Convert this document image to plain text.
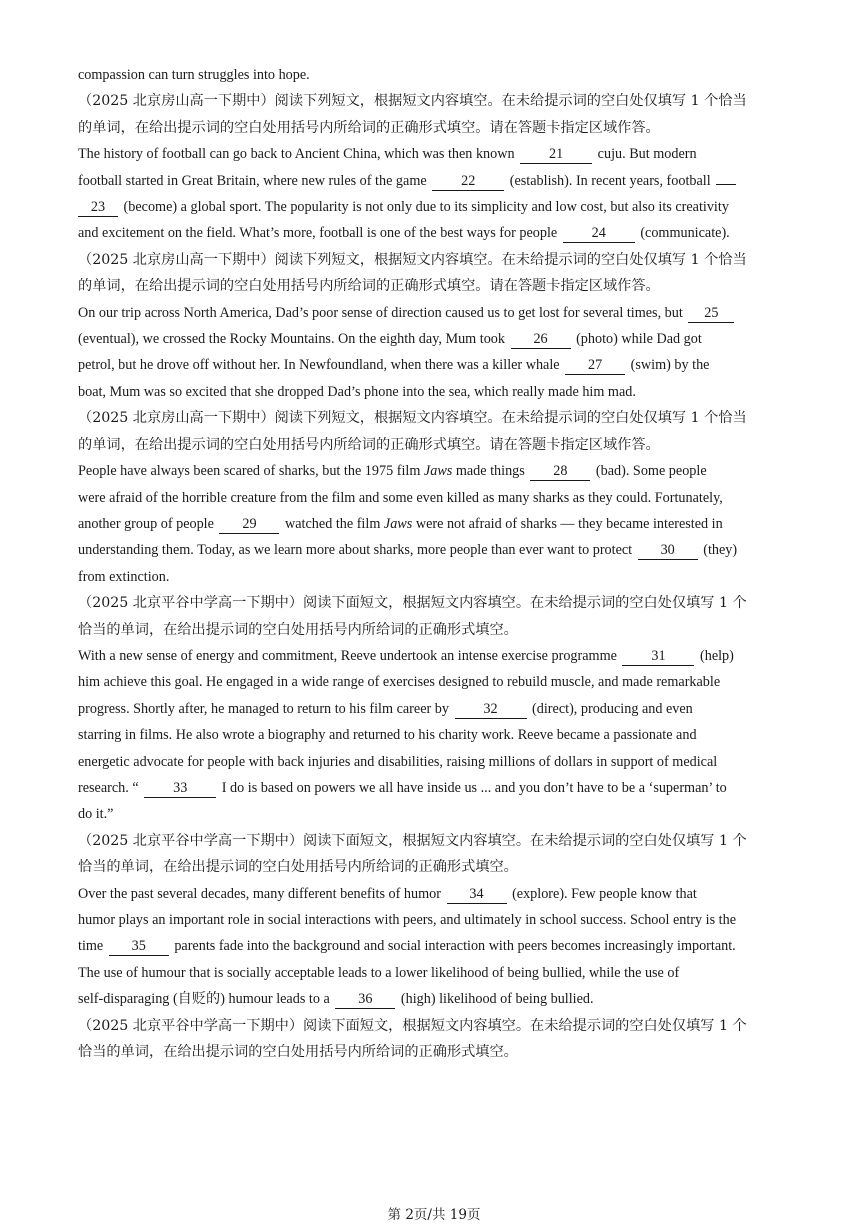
compassion can turn struggles into hope.
（2025 北京房山高一下期中）阅读下列短文，根据短文内容填空。在未给提示词的空白处仅填写 1 个恰当
的单词，在给出提示词的空白处用括号内所给词的正确形式填空。请在答题卡指定区域作答。
The history of football can go back to Ancient China, which was then known 21 cuju. But modern
football started in Great Britain, where new rules of the game 22 (establish). In recent years, football
23 (become) a global sport. The popularity is not only due to its simplicity and low cost, but also its creativity
and excitement on the field. What’s more, football is one of the best ways for people 24 (communicate).
（2025 北京房山高一下期中）阅读下列短文，根据短文内容填空。在未给提示词的空白处仅填写 1 个恰当
的单词，在给出提示词的空白处用括号内所给词的正确形式填空。请在答题卡指定区域作答。
On our trip across North America, Dad’s poor sense of direction caused us to get lost for several times, but 25
(eventual), we crossed the Rocky Mountains. On the eighth day, Mum took 26 (photo) while Dad got
petrol, but he drove off without her. In Newfoundland, when there was a killer whale 27 (swim) by the
boat, Mum was so excited that she dropped Dad’s phone into the sea, which really made him mad.
（2025 北京房山高一下期中）阅读下列短文，根据短文内容填空。在未给提示词的空白处仅填写 1 个恰当
的单词，在给出提示词的空白处用括号内所给词的正确形式填空。请在答题卡指定区域作答。
People have always been scared of sharks, but the 1975 film Jaws made things 28 (bad). Some people
were afraid of the horrible creature from the film and some even killed as many sharks as they could. Fortunately,
another group of people 29 watched the film Jaws were not afraid of sharks — they became interested in
understanding them. Today, as we learn more about sharks, more people than ever want to protect 30 (they)
from extinction.
（2025 北京平谷中学高一下期中）阅读下面短文，根据短文内容填空。在未给提示词的空白处仅填写 1 个
恰当的单词，在给出提示词的空白处用括号内所给词的正确形式填空。
With a new sense of energy and commitment, Reeve undertook an intense exercise programme 31 (help)
him achieve this goal. He engaged in a wide range of exercises designed to rebuild muscle, and made remarkable
progress. Shortly after, he managed to return to his film career by 32 (direct), producing and even
starring in films. He also wrote a biography and returned to his charity work. Reeve became a passionate and
energetic advocate for people with back injuries and disabilities, raising millions of dollars in support of medical
research. “ 33 I do is based on powers we all have inside us ... and you don’t have to be a ‘superman’ to
do it.”
（2025 北京平谷中学高一下期中）阅读下面短文，根据短文内容填空。在未给提示词的空白处仅填写 1 个
恰当的单词，在给出提示词的空白处用括号内所给词的正确形式填空。
Over the past several decades, many different benefits of humor 34 (explore). Few people know that
humor plays an important role in social interactions with peers, and ultimately in school success. School entry is the
time 35 parents fade into the background and social interaction with peers becomes increasingly important.
The use of humour that is socially acceptable leads to a lower likelihood of being bullied, while the use of
self-disparaging (自贬的) humour leads to a 36 (high) likelihood of being bullied.
（2025 北京平谷中学高一下期中）阅读下面短文，根据短文内容填空。在未给提示词的空白处仅填写 1 个
恰当的单词，在给出提示词的空白处用括号内所给词的正确形式填空。
第 2页/共 19页
